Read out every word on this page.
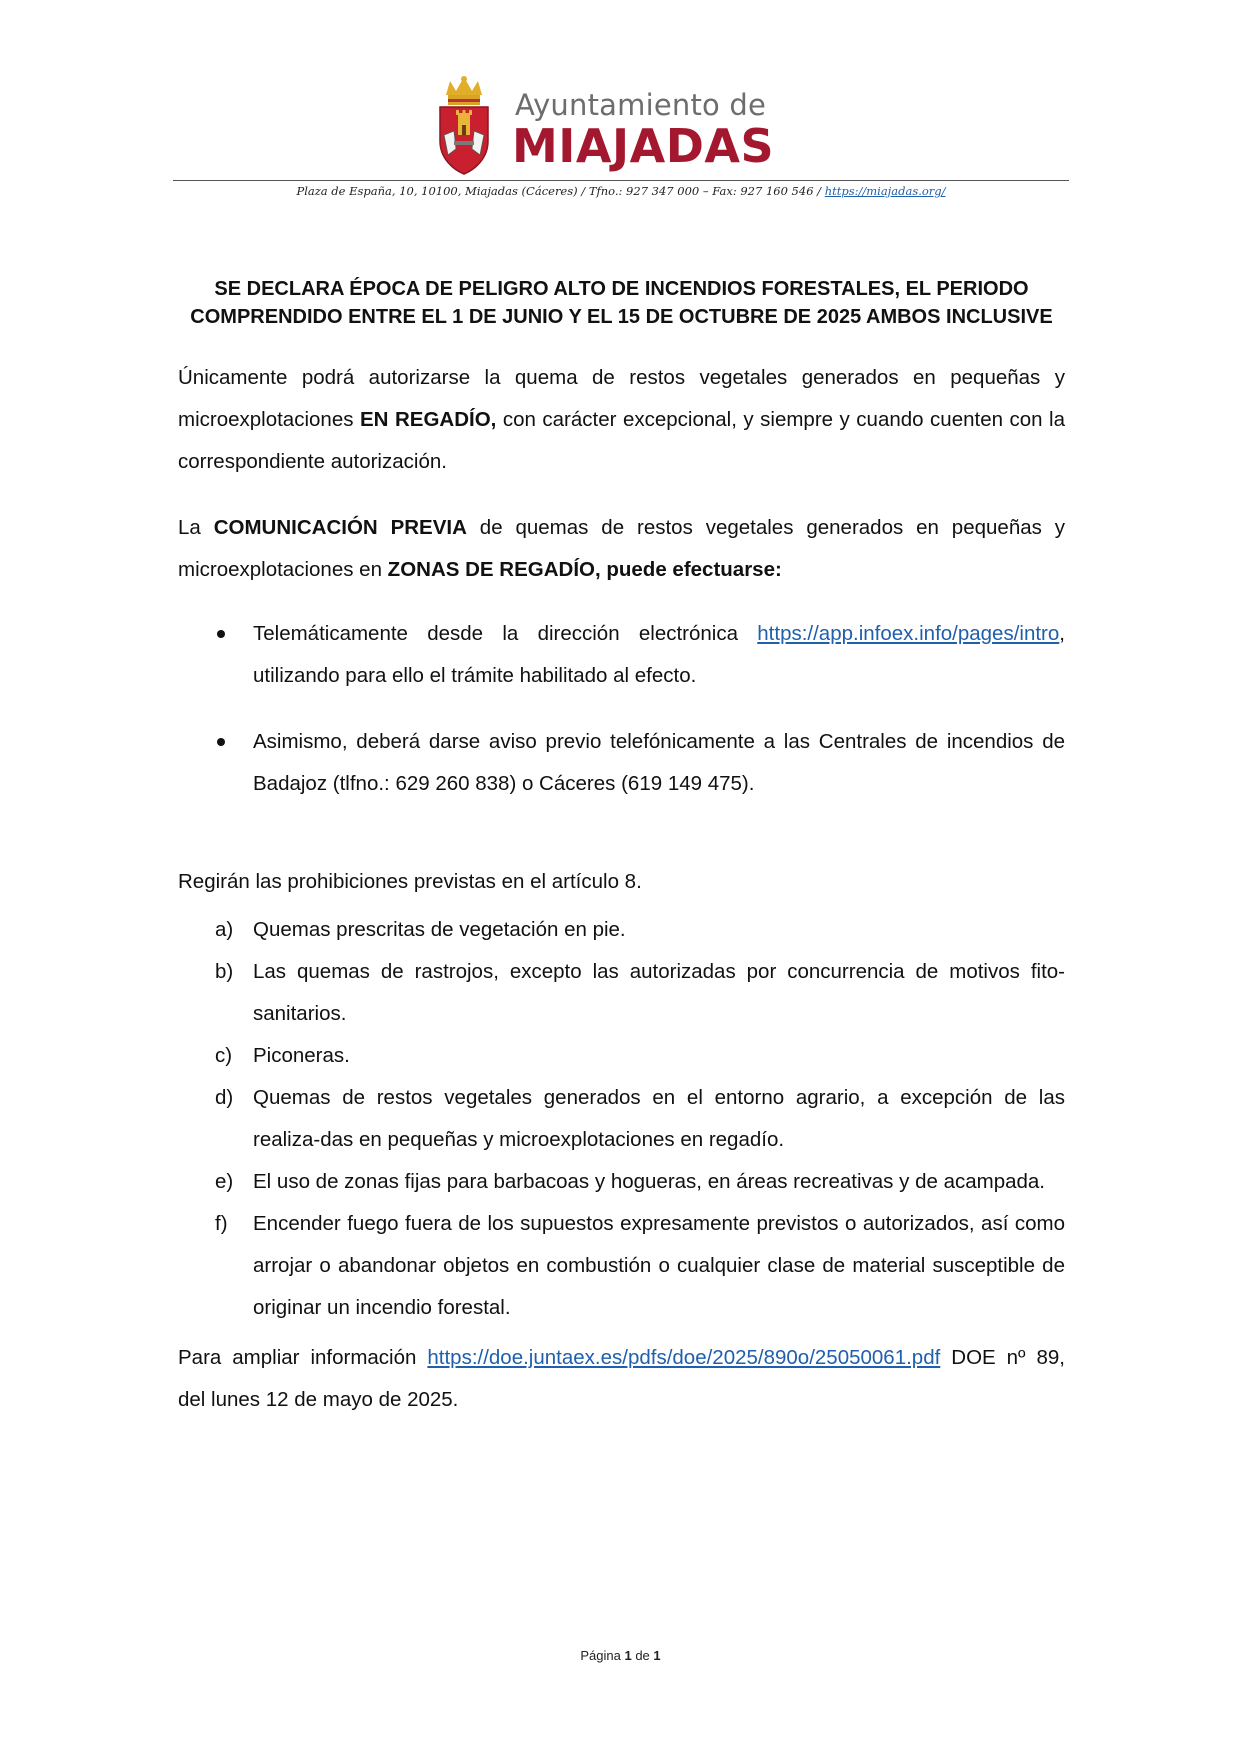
Ayuntamiento de
MIAJADAS
Plaza de España, 10, 10100, Miajadas (Cáceres) / Tfno.: 927 347 000 – Fax: 927 160 546 / https://miajadas.org/
SE DECLARA ÉPOCA DE PELIGRO ALTO DE INCENDIOS FORESTALES, EL PERIODO
COMPRENDIDO ENTRE EL 1 DE JUNIO Y EL 15 DE OCTUBRE DE 2025 AMBOS INCLUSIVE

Únicamente podrá autorizarse la quema de restos vegetales generados en pequeñas y microexplotaciones EN REGADÍO, con carácter excepcional, y siempre y cuando cuenten con la correspondiente autorización.

La COMUNICACIÓN PREVIA de quemas de restos vegetales generados en pequeñas y microexplotaciones en ZONAS DE REGADÍO, puede efectuarse:

Telemáticamente desde la dirección electrónica https://app.infoex.info/pages/intro, utilizando para ello el trámite habilitado al efecto.
Asimismo, deberá darse aviso previo telefónicamente a las Centrales de incendios de Badajoz (tlfno.: 629 260 838) o Cáceres (619 149 475).

Regirán las prohibiciones previstas en el artículo 8.

a) Quemas prescritas de vegetación en pie.
b) Las quemas de rastrojos, excepto las autorizadas por concurrencia de motivos fito-sanitarios.
c) Piconeras.
d) Quemas de restos vegetales generados en el entorno agrario, a excepción de las realiza-das en pequeñas y microexplotaciones en regadío.
e) El uso de zonas fijas para barbacoas y hogueras, en áreas recreativas y de acampada.
f) Encender fuego fuera de los supuestos expresamente previstos o autorizados, así como arrojar o abandonar objetos en combustión o cualquier clase de material susceptible de originar un incendio forestal.

Para ampliar información https://doe.juntaex.es/pdfs/doe/2025/890o/25050061.pdf DOE nº 89, del lunes 12 de mayo de 2025.

Página 1 de 1
